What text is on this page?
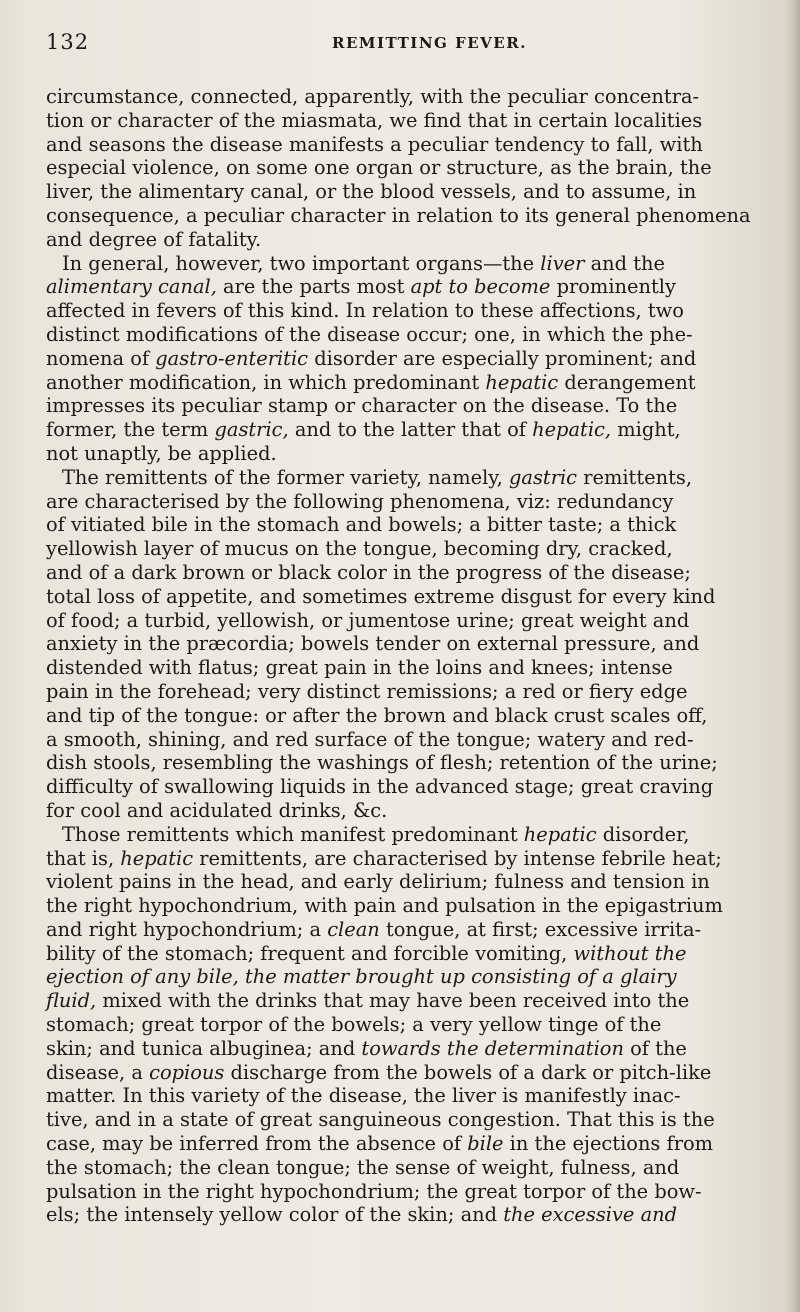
132	REMITTING FEVER.
circumstance, connected, apparently, with the peculiar concentra-
tion or character of the miasmata, we find that in certain localities
and seasons the disease manifests a peculiar tendency to fall, with
especial violence, on some one organ or structure, as the brain, the
liver, the alimentary canal, or the blood vessels, and to assume, in
consequence, a peculiar character in relation to its general phenomena
and degree of fatality.
In general, however, two important organs—the liver and the
alimentary canal, are the parts most apt to become prominently
affected in fevers of this kind. In relation to these affections, two
distinct modifications of the disease occur; one, in which the phe-
nomena of gastro-enteritic disorder are especially prominent; and
another modification, in which predominant hepatic derangement
impresses its peculiar stamp or character on the disease. To the
former, the term gastric, and to the latter that of hepatic, might,
not unaptly, be applied.
The remittents of the former variety, namely, gastric remittents,
are characterised by the following phenomena, viz: redundancy
of vitiated bile in the stomach and bowels; a bitter taste; a thick
yellowish layer of mucus on the tongue, becoming dry, cracked,
and of a dark brown or black color in the progress of the disease;
total loss of appetite, and sometimes extreme disgust for every kind
of food; a turbid, yellowish, or jumentose urine; great weight and
anxiety in the præcordia; bowels tender on external pressure, and
distended with flatus; great pain in the loins and knees; intense
pain in the forehead; very distinct remissions; a red or fiery edge
and tip of the tongue: or after the brown and black crust scales off,
a smooth, shining, and red surface of the tongue; watery and red-
dish stools, resembling the washings of flesh; retention of the urine;
difficulty of swallowing liquids in the advanced stage; great craving
for cool and acidulated drinks, &c.
Those remittents which manifest predominant hepatic disorder,
that is, hepatic remittents, are characterised by intense febrile heat;
violent pains in the head, and early delirium; fulness and tension in
the right hypochondrium, with pain and pulsation in the epigastrium
and right hypochondrium; a clean tongue, at first; excessive irrita-
bility of the stomach; frequent and forcible vomiting, without the
ejection of any bile, the matter brought up consisting of a glairy
fluid, mixed with the drinks that may have been received into the
stomach; great torpor of the bowels; a very yellow tinge of the
skin; and tunica albuginea; and towards the determination of the
disease, a copious discharge from the bowels of a dark or pitch-like
matter. In this variety of the disease, the liver is manifestly inac-
tive, and in a state of great sanguineous congestion. That this is the
case, may be inferred from the absence of bile in the ejections from
the stomach; the clean tongue; the sense of weight, fulness, and
pulsation in the right hypochondrium; the great torpor of the bow-
els; the intensely yellow color of the skin; and the excessive and
